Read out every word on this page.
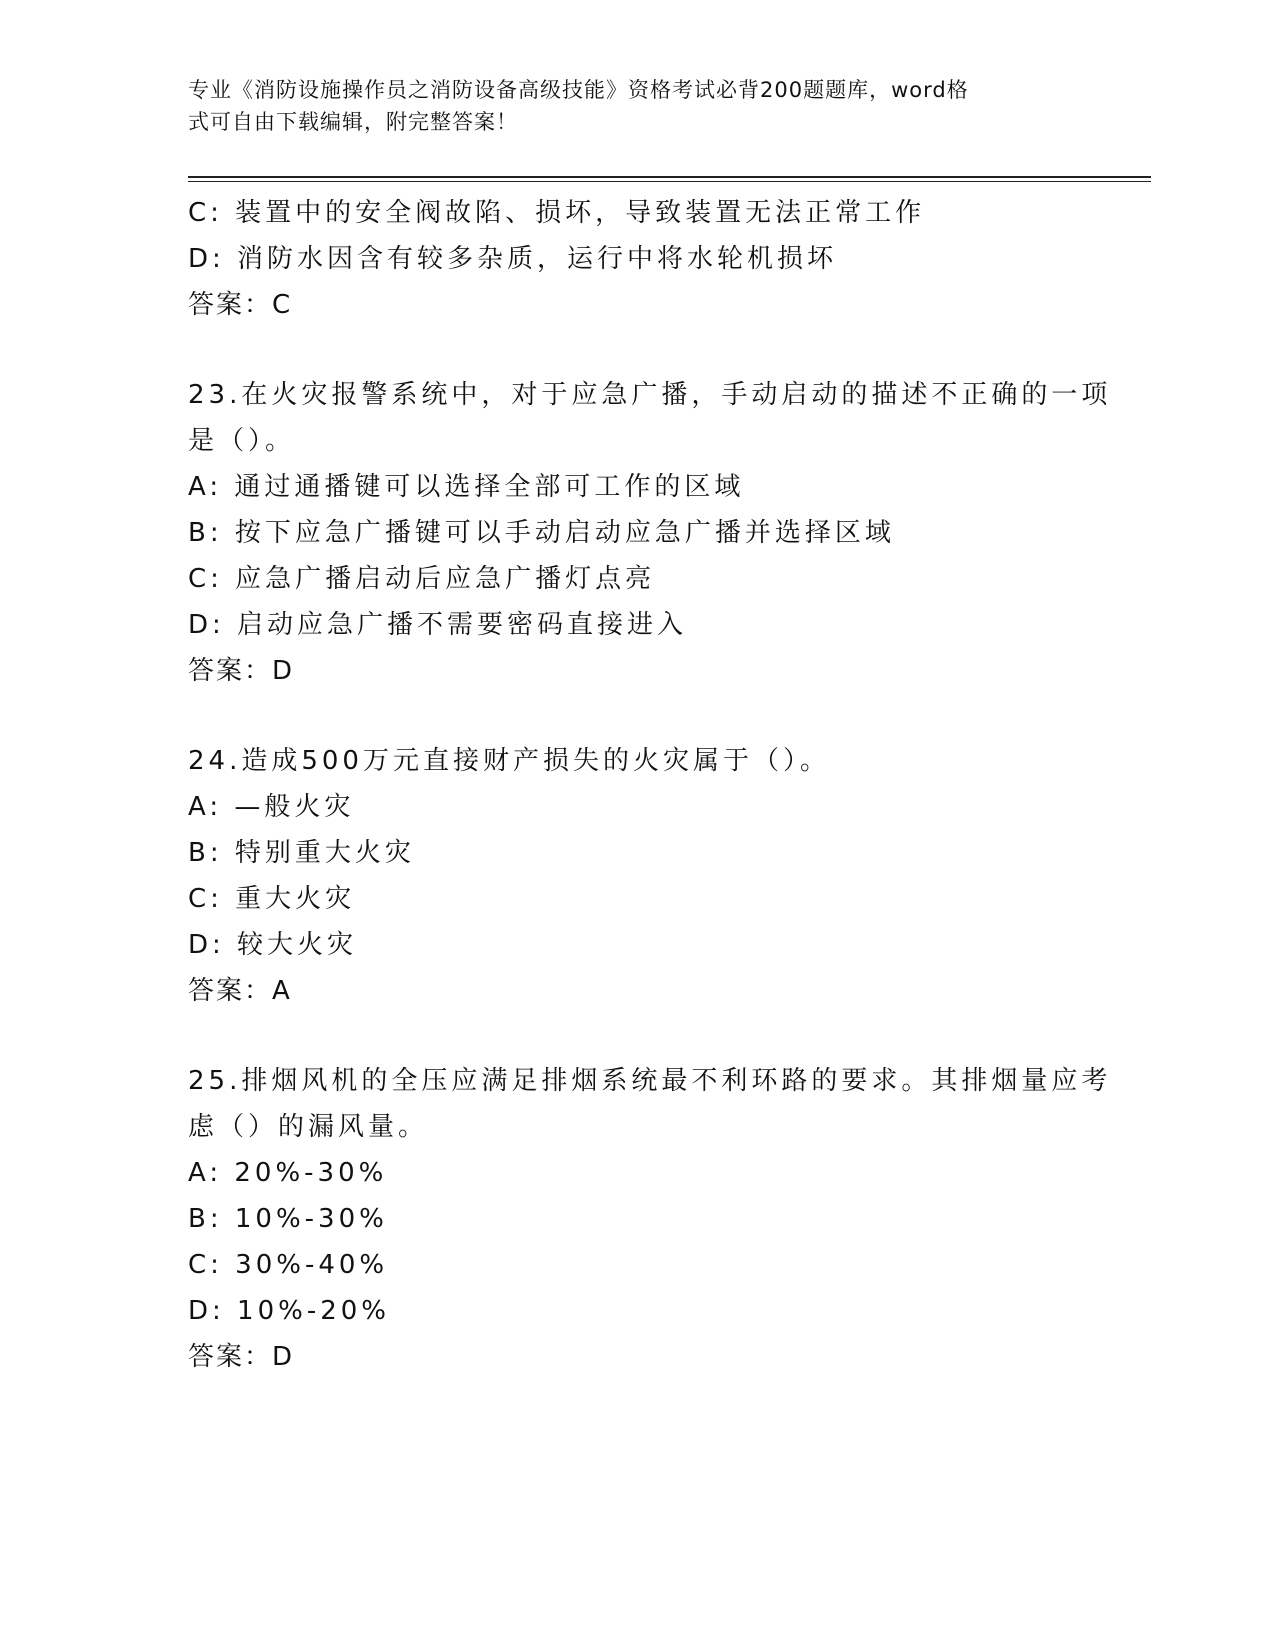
专业《消防设施操作员之消防设备高级技能》资格考试必背200题题库，word格
式可自由下载编辑，附完整答案！
C: 装置中的安全阀故陷、损坏，导致装置无法正常工作
D: 消防水因含有较多杂质，运行中将水轮机损坏
答案：C
23.在火灾报警系统中，对于应急广播，手动启动的描述不正确的一项
是（）。
A: 通过通播键可以选择全部可工作的区域
B: 按下应急广播键可以手动启动应急广播并选择区域
C: 应急广播启动后应急广播灯点亮
D: 启动应急广播不需要密码直接进入
答案：D
24.造成500万元直接财产损失的火灾属于（）。
A: —般火灾
B: 特别重大火灾
C: 重大火灾
D: 较大火灾
答案：A
25.排烟风机的全压应满足排烟系统最不利环路的要求。其排烟量应考
虑（）的漏风量。
A: 20%-30%
B: 10%-30%
C: 30%-40%
D: 10%-20%
答案：D
